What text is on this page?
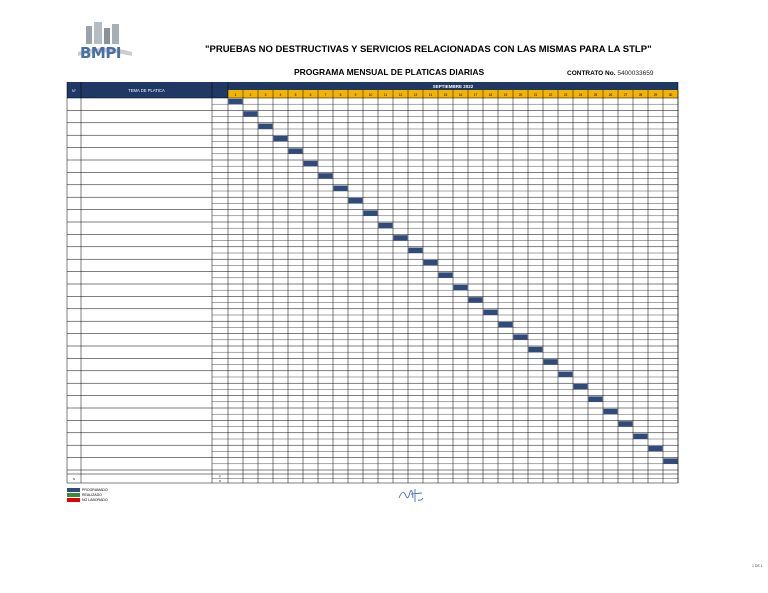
BMPI	"PRUEBAS NO DESTRUCTIVAS Y SERVICIOS RELACIONADAS CON LAS MISMAS PARA LA STLP"
PROGRAMA MENSUAL DE PLATICAS DIARIAS	CONTRATO No. 5400033659
N°	TEMA DE PLATICA
SEPTIEMBRE 2022
1	2	3	4	5	6	7	8	9	10	11	12	13	14	15	16	17	18	19	20	21	22	23	24	25	26	27	28	29	30
N	P
R
PROGRAMADO
REALIZADO
NO LABORADO
1 DE 1
